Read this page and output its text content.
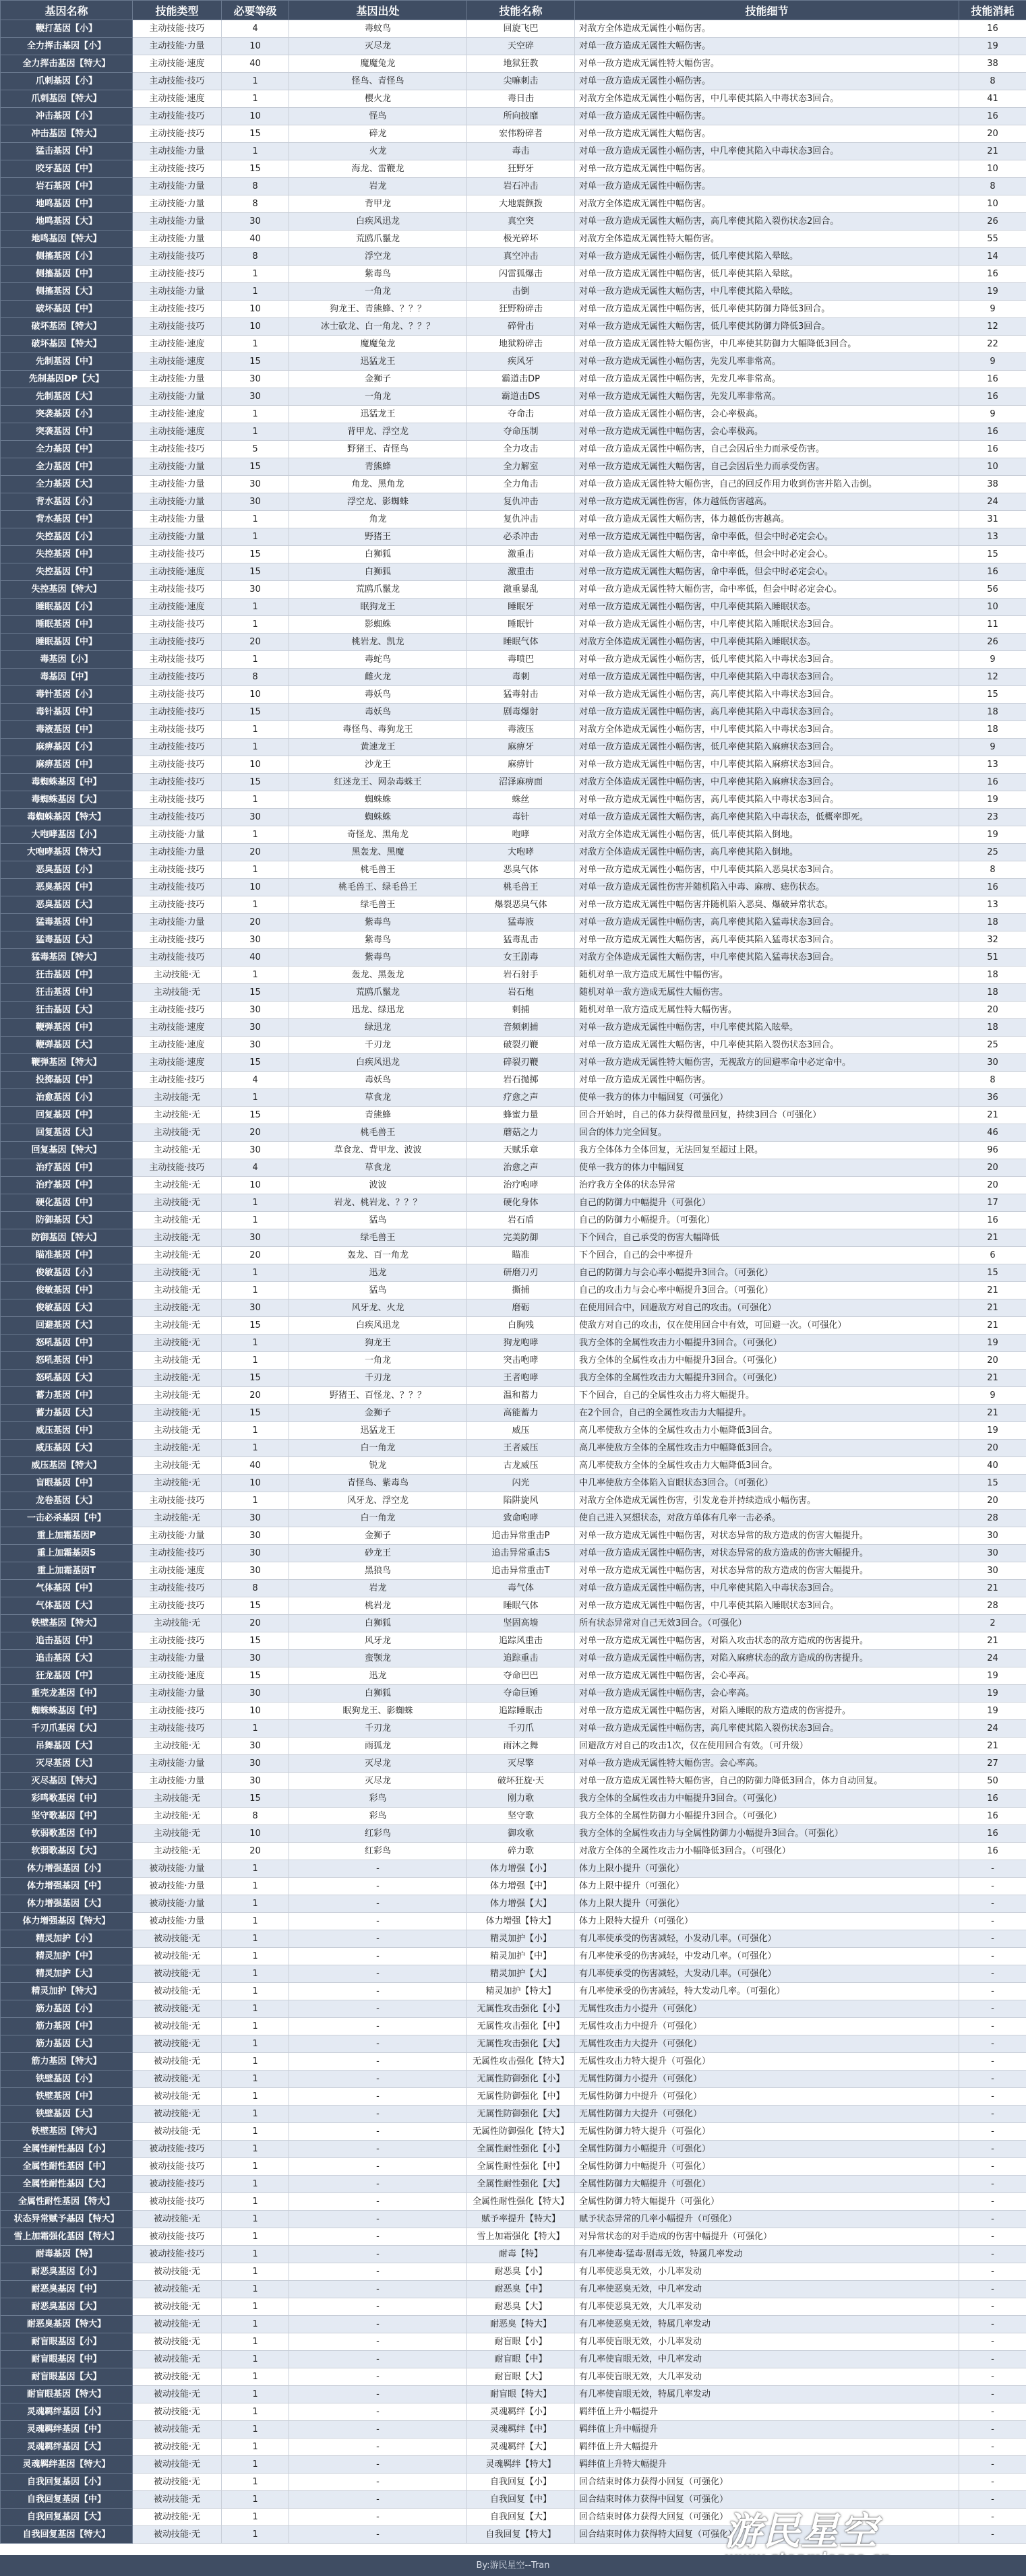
基因名称	技能类型	必要等级	基因出处	技能名称	技能细节	技能消耗
鞭打基因【小】	主动技能·技巧	4	毒蚊鸟	回旋飞巴	对敌方全体造成无属性小幅伤害。	16
全力挥击基因【小】	主动技能·力量	10	灭尽龙	天空碎	对单一敌方造成无属性大幅伤害。	19
全力挥击基因【特大】	主动技能·速度	40	魔魔兔龙	地狱狂教	对单一敌方造成无属性特大幅伤害。	38
爪刺基因【小】	主动技能·技巧	1	怪鸟、青怪鸟	尖嘛刺击	对单一敌方造成无属性小幅伤害。	8
爪刺基因【特大】	主动技能·速度	1	樱火龙	毒日击	对敌方全体造成无属性小幅伤害，中几率使其陷入中毒状态3回合。	41
冲击基因【小】	主动技能·技巧	10	怪鸟	所向披靡	对单一敌方造成无属性中幅伤害。	16
冲击基因【特大】	主动技能·技巧	15	碎龙	宏伟粉碎者	对单一敌方造成无属性大幅伤害。	20
猛击基因【中】	主动技能·力量	1	火龙	毒击	对单一敌方造成无属性小幅伤害，中几率使其陷入中毒状态3回合。	21
咬牙基因【中】	主动技能·技巧	15	海龙、雷鞭龙	狂野牙	对单一敌方造成无属性中幅伤害。	10
岩石基因【中】	主动技能·力量	8	岩龙	岩石冲击	对单一敌方造成无属性中幅伤害。	8
地鸣基因【中】	主动技能·力量	8	背甲龙	大地震颤拨	对敌方全体造成无属性中幅伤害。	10
地鸣基因【大】	主动技能·力量	30	白疾风迅龙	真空突	对单一敌方造成无属性大幅伤害，高几率使其陷入裂伤状态2回合。	26
地鸣基因【特大】	主动技能·力量	40	荒鸥爪鬣龙	极光碎坏	对敌方全体造成无属性特大幅伤害。	55
侧搐基因【小】	主动技能·技巧	8	浮空龙	真空冲击	对单一敌方造成无属性小幅伤害，低几率使其陷入晕眩。	14
侧搐基因【中】	主动技能·技巧	1	紫毒鸟	闪雷狐爆击	对单一敌方造成无属性中幅伤害，低几率使其陷入晕眩。	16
侧搐基因【大】	主动技能·力量	1	一角龙	击倒	对单一敌方造成无属性大幅伤害，中几率使其陷入晕眩。	19
破坏基因【中】	主动技能·技巧	10	狗龙王、青熊蜂、？？？	狂野粉碎击	对单一敌方造成无属性中幅伤害，低几率使其防御力降低3回合。	9
破坏基因【特大】	主动技能·技巧	10	冰士砍龙、白一角龙、？？？	碎骨击	对单一敌方造成无属性大幅伤害，低几率使其防御力降低3回合。	12
破坏基因【特大】	主动技能·速度	1	魔魔兔龙	地狱粉碎击	对单一敌方造成无属性特大幅伤害，中几率使其防御力大幅降低3回合。	22
先制基因【中】	主动技能·速度	15	迅猛龙王	疾风牙	对单一敌方造成无属性小幅伤害，先发几率非常高。	9
先制基因DP【大】	主动技能·力量	30	金狮子	霸道击DP	对单一敌方造成无属性中幅伤害，先发几率非常高。	16
先制基因【大】	主动技能·力量	30	一角龙	霸道击DS	对单一敌方造成无属性大幅伤害，先发几率非常高。	16
突袭基因【小】	主动技能·速度	1	迅猛龙王	夺命击	对单一敌方造成无属性小幅伤害，会心率极高。	9
突袭基因【中】	主动技能·速度	1	背甲龙、浮空龙	夺命压制	对单一敌方造成无属性中幅伤害，会心率极高。	16
全力基因【中】	主动技能·技巧	5	野猪王、青怪鸟	全力攻击	对单一敌方造成无属性中幅伤害，自己会因后坐力而承受伤害。	16
全力基因【中】	主动技能·力量	15	青熊蜂	全力解室	对单一敌方造成无属性大幅伤害，自己会因后坐力而承受伤害。	10
全力基因【大】	主动技能·力量	30	角龙、黑角龙	全力角击	对单一敌方造成无属性特大幅伤害，自己的回反作用力收到伤害并陷入击倒。	38
背水基因【小】	主动技能·力量	30	浮空龙、影蜘蛛	复仇冲击	对单一敌方造成无属性伤害，体力越低伤害越高。	24
背水基因【中】	主动技能·力量	1	角龙	复仇冲击	对单一敌方造成无属性大幅伤害，体力越低伤害越高。	31
失控基因【小】	主动技能·力量	1	野猪王	必杀冲击	对单一敌方造成无属性中幅伤害，命中率低，但会中时必定会心。	13
失控基因【中】	主动技能·技巧	15	白狮狐	激重击	对单一敌方造成无属性大幅伤害，命中率低，但会中时必定会心。	15
失控基因【中】	主动技能·速度	15	白狮狐	激重击	对单一敌方造成无属性大幅伤害，命中率低，但会中时必定会心。	16
失控基因【特大】	主动技能·技巧	30	荒鸥爪鬣龙	激重暴乱	对单一敌方造成无属性特大幅伤害，命中率低，但会中时必定会心。	56
睡眠基因【小】	主动技能·速度	1	眠狗龙王	睡眠牙	对单一敌方造成无属性小幅伤害，中几率使其陷入睡眠状态。	10
睡眠基因【中】	主动技能·技巧	1	影蜘蛛	睡眠针	对单一敌方造成无属性小幅伤害，中几率使其陷入睡眠状态3回合。	11
睡眠基因【中】	主动技能·技巧	20	桃岩龙、凯龙	睡眠气体	对敌方全体造成无属性小幅伤害，中几率使其陷入睡眠状态。	26
毒基因【小】	主动技能·技巧	1	毒蛇鸟	毒喷巴	对单一敌方造成无属性小幅伤害，低几率使其陷入中毒状态3回合。	9
毒基因【中】	主动技能·技巧	8	雌火龙	毒刺	对单一敌方造成无属性中幅伤害，中几率使其陷入中毒状态3回合。	12
毒针基因【小】	主动技能·技巧	10	毒妖鸟	猛毒射击	对单一敌方造成无属性小幅伤害，高几率使其陷入中毒状态3回合。	15
毒针基因【中】	主动技能·技巧	15	毒妖鸟	剧毒爆射	对单一敌方造成无属性中幅伤害，高几率使其陷入中毒状态3回合。	18
毒液基因【中】	主动技能·技巧	1	毒怪鸟、毒狗龙王	毒液压	对敌方全体造成无属性小幅伤害，中几率使其陷入中毒状态3回合。	18
麻痹基因【小】	主动技能·技巧	1	黄速龙王	麻痹牙	对单一敌方造成无属性小幅伤害，低几率使其陷入麻痹状态3回合。	9
麻痹基因【中】	主动技能·技巧	10	沙龙王	麻痹针	对单一敌方造成无属性中幅伤害，中几率使其陷入麻痹状态3回合。	13
毒蜘蛛基因【中】	主动技能·技巧	15	红迷龙王、网杂毒蛛王	沼泽麻痹面	对敌方全体造成无属性中幅伤害，中几率使其陷入麻痹状态3回合。	16
毒蜘蛛基因【大】	主动技能·技巧	1	蜘蛛蛛	蛛丝	对单一敌方造成无属性中幅伤害，高几率使其陷入中毒状态3回合。	19
毒蜘蛛基因【特大】	主动技能·技巧	30	蜘蛛蛛	毒针	对单一敌方造成无属性大幅伤害，高几率使其陷入中毒状态，低概率即死。	23
大咆哮基因【小】	主动技能·力量	1	奇怪龙、黑角龙	咆哮	对敌方全体造成无属性小幅伤害，低几率使其陷入倒地。	19
大咆哮基因【特大】	主动技能·力量	20	黑轰龙、黑魔	大咆哮	对敌方全体造成无属性中幅伤害，高几率使其陷入倒地。	25
恶臭基因【小】	主动技能·技巧	1	桃毛兽王	恶臭气体	对单一敌方造成无属性小幅伤害，中几率使其陷入恶臭状态3回合。	8
恶臭基因【中】	主动技能·技巧	10	桃毛兽王、绿毛兽王	桃毛兽王	对单一敌方造成无属性伤害并随机陷入中毒、麻痹、痣伤状态。	16
恶臭基因【大】	主动技能·技巧	1	绿毛兽王	爆裂恶臭气体	对单一敌方造成无属性中幅伤害并随机陷入恶臭、爆破异常状态。	13
猛毒基因【中】	主动技能·力量	20	紫毒鸟	猛毒液	对单一敌方造成无属性中幅伤害，高几率使其陷入猛毒状态3回合。	18
猛毒基因【大】	主动技能·技巧	30	紫毒鸟	猛毒乱击	对单一敌方造成无属性大幅伤害，高几率使其陷入猛毒状态3回合。	32
猛毒基因【特大】	主动技能·技巧	40	紫毒鸟	女王剧毒	对敌方全体造成无属性大幅伤害，中几率使其陷入猛毒状态3回合。	51
狂击基因【中】	主动技能·无	1	轰龙、黑轰龙	岩石射手	随机对单一敌方造成无属性中幅伤害。	18
狂击基因【中】	主动技能·无	15	荒鸥爪鬣龙	岩石炮	随机对单一敌方造成无属性大幅伤害。	18
狂击基因【大】	主动技能·技巧	30	迅龙、绿迅龙	刺捕	随机对单一敌方造成无属性特大幅伤害。	20
鞭弹基因【中】	主动技能·速度	30	绿迅龙	音频刺捕	对单一敌方造成无属性中幅伤害，中几率使其陷入眩晕。	18
鞭弹基因【大】	主动技能·速度	30	千刃龙	破裂刃鞭	对单一敌方造成无属性大幅伤害，中几率使其陷入裂伤状态3回合。	25
鞭弹基因【特大】	主动技能·速度	15	白疾风迅龙	碎裂刃鞭	对单一敌方造成无属性特大幅伤害，无视敌方的回避率命中必定命中。	30
投掷基因【中】	主动技能·技巧	4	毒妖鸟	岩石抛掷	对单一敌方造成无属性中幅伤害。	8
治愈基因【小】	主动技能·无	1	草食龙	疗愈之声	使单一我方的体力中幅回复（可强化）	36
回复基因【中】	主动技能·无	15	青熊蜂	蜂蜜力量	回合开始时，自己的体力获得微量回复，持续3回合（可强化）	21
回复基因【大】	主动技能·无	20	桃毛兽王	蘑菇之力	回合的体力完全回复。	46
回复基因【特大】	主动技能·无	30	草食龙、背甲龙、波波	天赋乐章	我方全体体力全体回复，无法回复至超过上限。	96
治疗基因【中】	主动技能·技巧	4	草食龙	治愈之声	使单一我方的体力中幅回复	20
治疗基因【中】	主动技能·无	10	波波	治疗咆哮	治疗我方全体的状态异常	20
硬化基因【中】	主动技能·无	1	岩龙、桃岩龙、？？？	硬化身体	自己的防御力中幅提升（可强化）	17
防御基因【大】	主动技能·无	1	猛鸟	岩石盾	自己的防御力小幅提升。（可强化）	16
防御基因【特大】	主动技能·无	30	绿毛兽王	完美防御	下个回合，自己承受的伤害大幅降低	21
瞄准基因【中】	主动技能·无	20	轰龙、百一角龙	瞄准	下个回合，自己的会中率提升	6
俊敏基因【小】	主动技能·无	1	迅龙	研磨刀刃	自己的防御力与会心率小幅提升3回合。（可强化）	15
俊敏基因【中】	主动技能·无	1	猛鸟	撕捕	自己的攻击力与会心率中幅提升3回合。（可强化）	21
俊敏基因【大】	主动技能·无	30	风牙龙、火龙	磨砺	在使用回合中，回避敌方对自己的攻击。（可强化）	21
回避基因【大】	主动技能·无	15	白疾风迅龙	白胸残	使敌方对自己的攻击，仅在使用回合中有效，可回避一次。（可强化）	21
怒吼基因【中】	主动技能·无	1	狗龙王	狗龙咆哮	我方全体的全属性攻击力小幅提升3回合。（可强化）	19
怒吼基因【中】	主动技能·无	1	一角龙	突击咆哮	我方全体的全属性攻击力中幅提升3回合。（可强化）	20
怒吼基因【大】	主动技能·无	15	千刃龙	王者咆哮	我方全体的全属性攻击力大幅提升3回合。（可强化）	21
蓄力基因【中】	主动技能·无	20	野猪王、百怪龙、？？？	温和蓄力	下个回合，自己的全属性攻击力将大幅提升。	9
蓄力基因【大】	主动技能·无	15	金狮子	高能蓄力	在2个回合，自己的全属性攻击力大幅提升。	21
威压基因【中】	主动技能·无	1	迅猛龙王	威压	高几率使敌方全体的全属性攻击力小幅降低3回合。	19
威压基因【大】	主动技能·无	1	白一角龙	王者威压	高几率使敌方全体的全属性攻击力中幅降低3回合。	20
威压基因【特大】	主动技能·无	40	锐龙	古龙威压	高几率使敌方全体的全属性攻击力大幅降低3回合。	40
盲眼基因【中】	主动技能·无	10	青怪鸟、紫毒鸟	闪光	中几率使敌方全体陷入盲眼状态3回合。（可强化）	15
龙卷基因【大】	主动技能·技巧	1	风牙龙、浮空龙	陷阱旋风	对敌方全体造成无属性伤害，引发龙卷并持续造成小幅伤害。	20
一击必杀基因【中】	主动技能·无	30	白一角龙	致命咆哮	使自己进入冥想状态，对敌方单体有几率一击必杀。	28
重上加霜基因P	主动技能·力量	30	金狮子	追击异常重击P	对单一敌方造成无属性中幅伤害，对状态异常的敌方造成的伤害大幅提升。	30
重上加霜基因S	主动技能·技巧	30	砂龙王	追击异常重击S	对单一敌方造成无属性中幅伤害，对状态异常的敌方造成的伤害大幅提升。	30
重上加霜基因T	主动技能·速度	30	黑狼鸟	追击异常重击T	对单一敌方造成无属性中幅伤害，对状态异常的敌方造成的伤害大幅提升。	30
气体基因【中】	主动技能·技巧	8	岩龙	毒气体	对单一敌方造成无属性中幅伤害，中几率使其陷入中毒状态3回合。	21
气体基因【大】	主动技能·技巧	15	桃岩龙	睡眠气体	对单一敌方造成无属性中幅伤害，中几率使其陷入睡眠状态3回合。	28
铁壁基因【特大】	主动技能·无	20	白狮狐	坚固高墙	所有状态异常对自己无效3回合。（可强化）	2
追击基因【中】	主动技能·技巧	15	风牙龙	追踪风重击	对单一敌方造成无属性中幅伤害，对陷入攻击状态的敌方造成的伤害提升。	21
追击基因【大】	主动技能·力量	30	蛮颚龙	追踪重击	对单一敌方造成无属性中幅伤害，对陷入麻痹状态的敌方造成的伤害提升。	24
狂龙基因【中】	主动技能·速度	15	迅龙	夺命巴巴	对单一敌方造成无属性中幅伤害，会心率高。	19
重壳龙基因【中】	主动技能·力量	30	白狮狐	夺命巨锤	对单一敌方造成无属性中幅伤害，会心率高。	19
蜘蛛蛛基因【中】	主动技能·技巧	10	眠狗龙王、影蜘蛛	追踪睡眠击	对单一敌方造成无属性中幅伤害，对陷入睡眠的敌方造成的伤害提升。	19
千刃爪基因【大】	主动技能·技巧	1	千刃龙	千刃爪	对单一敌方造成无属性中幅伤害，高几率使其陷入裂伤状态3回合。	24
吊舞基因【大】	主动技能·无	30	雨狐龙	雨沐之舞	回避敌方对自己的攻击1次，仅在使用回合有效。（可升级）	21
灭尽基因【大】	主动技能·力量	30	灭尽龙	灭尽擎	对单一敌方造成无属性特大幅伤害。会心率高。	27
灭尽基因【特大】	主动技能·力量	30	灭尽龙	破坏狂旋·天	对单一敌方造成无属性特大幅伤害，自己的防御力降低3回合，体力自动回复。	50
彩鸣歌基因【中】	主动技能·无	15	彩鸟	刚力歌	我方全体的全属性攻击力中幅提升3回合。（可强化）	16
坚守歌基因【中】	主动技能·无	8	彩鸟	坚守歌	我方全体的全属性防御力小幅提升3回合。（可强化）	16
软弱歌基因【中】	主动技能·无	10	红彩鸟	御攻歌	我方全体的全属性攻击力与全属性防御力小幅提升3回合。（可强化）	16
软弱歌基因【大】	主动技能·无	20	红彩鸟	碎力歌	对敌方全体的全属性攻击力小幅降低3回合。（可强化）	16
体力增强基因【小】	被动技能·力量	1	-	体力增强【小】	体力上限小提升（可强化）	-
体力增强基因【中】	被动技能·力量	1	-	体力增强【中】	体力上限中提升（可强化）	-
体力增强基因【大】	被动技能·力量	1	-	体力增强【大】	体力上限大提升（可强化）	-
体力增强基因【特大】	被动技能·力量	1	-	体力增强【特大】	体力上限特大提升（可强化）	-
精灵加护【小】	被动技能·无	1	-	精灵加护【小】	有几率使承受的伤害减轻，小发动几率。（可强化）	-
精灵加护【中】	被动技能·无	1	-	精灵加护【中】	有几率使承受的伤害减轻，中发动几率。（可强化）	-
精灵加护【大】	被动技能·无	1	-	精灵加护【大】	有几率使承受的伤害减轻，大发动几率。（可强化）	-
精灵加护【特大】	被动技能·无	1	-	精灵加护【特大】	有几率使承受的伤害减轻，特大发动几率。（可强化）	-
筋力基因【小】	被动技能·无	1	-	无属性攻击强化【小】	无属性攻击力小提升（可强化）	-
筋力基因【中】	被动技能·无	1	-	无属性攻击强化【中】	无属性攻击力中提升（可强化）	-
筋力基因【大】	被动技能·无	1	-	无属性攻击强化【大】	无属性攻击力大提升（可强化）	-
筋力基因【特大】	被动技能·无	1	-	无属性攻击强化【特大】	无属性攻击力特大提升（可强化）	-
铁壁基因【小】	被动技能·无	1	-	无属性防御强化【小】	无属性防御力小提升（可强化）	-
铁壁基因【中】	被动技能·无	1	-	无属性防御强化【中】	无属性防御力中提升（可强化）	-
铁壁基因【大】	被动技能·无	1	-	无属性防御强化【大】	无属性防御力大提升（可强化）	-
铁壁基因【特大】	被动技能·无	1	-	无属性防御强化【特大】	无属性防御力特大提升（可强化）	-
全属性耐性基因【小】	被动技能·技巧	1	-	全属性耐性强化【小】	全属性防御力小幅提升（可强化）	-
全属性耐性基因【中】	被动技能·技巧	1	-	全属性耐性强化【中】	全属性防御力中幅提升（可强化）	-
全属性耐性基因【大】	被动技能·技巧	1	-	全属性耐性强化【大】	全属性防御力大幅提升（可强化）	-
全属性耐性基因【特大】	被动技能·技巧	1	-	全属性耐性强化【特大】	全属性防御力特大幅提升（可强化）	-
状态异常赋予基因【特大】	被动技能·无	1	-	赋予率提升【特大】	赋予状态异常的几率小幅提升（可强化）	-
雪上加霜强化基因【特大】	被动技能·技巧	1	-	雪上加霜强化【特大】	对异常状态的对手造成的伤害中幅提升（可强化）	-
耐毒基因【特】	被动技能·技巧	1	-	耐毒【特】	有几率使毒·猛毒·剧毒无效，特属几率发动	-
耐恶臭基因【小】	被动技能·无	1	-	耐恶臭【小】	有几率使恶臭无效，小几率发动	-
耐恶臭基因【中】	被动技能·无	1	-	耐恶臭【中】	有几率使恶臭无效，中几率发动	-
耐恶臭基因【大】	被动技能·无	1	-	耐恶臭【大】	有几率使恶臭无效，大几率发动	-
耐恶臭基因【特大】	被动技能·无	1	-	耐恶臭【特大】	有几率使恶臭无效，特属几率发动	-
耐盲眼基因【小】	被动技能·无	1	-	耐盲眼【小】	有几率使盲眼无效，小几率发动	-
耐盲眼基因【中】	被动技能·无	1	-	耐盲眼【中】	有几率使盲眼无效，中几率发动	-
耐盲眼基因【大】	被动技能·无	1	-	耐盲眼【大】	有几率使盲眼无效，大几率发动	-
耐盲眼基因【特大】	被动技能·无	1	-	耐盲眼【特大】	有几率使盲眼无效，特属几率发动	-
灵魂羁绊基因【小】	被动技能·无	1	-	灵魂羁绊【小】	羁绊值上升小幅提升	-
灵魂羁绊基因【中】	被动技能·无	1	-	灵魂羁绊【中】	羁绊值上升中幅提升	-
灵魂羁绊基因【大】	被动技能·无	1	-	灵魂羁绊【大】	羁绊值上升大幅提升	-
灵魂羁绊基因【特大】	被动技能·无	1	-	灵魂羁绊【特大】	羁绊值上升特大幅提升	-
自我回复基因【小】	被动技能·无	1	-	自我回复【小】	回合结束时体力获得小回复（可强化）	-
自我回复基因【中】	被动技能·无	1	-	自我回复【中】	回合结束时体力获得中回复（可强化）	-
自我回复基因【大】	被动技能·无	1	-	自我回复【大】	回合结束时体力获得大回复（可强化）	-
自我回复基因【特大】	被动技能·无	1	-	自我回复【特大】	回合结束时体力获得特大回复（可强化）	-
游民星空
By:游民星空--Tran
